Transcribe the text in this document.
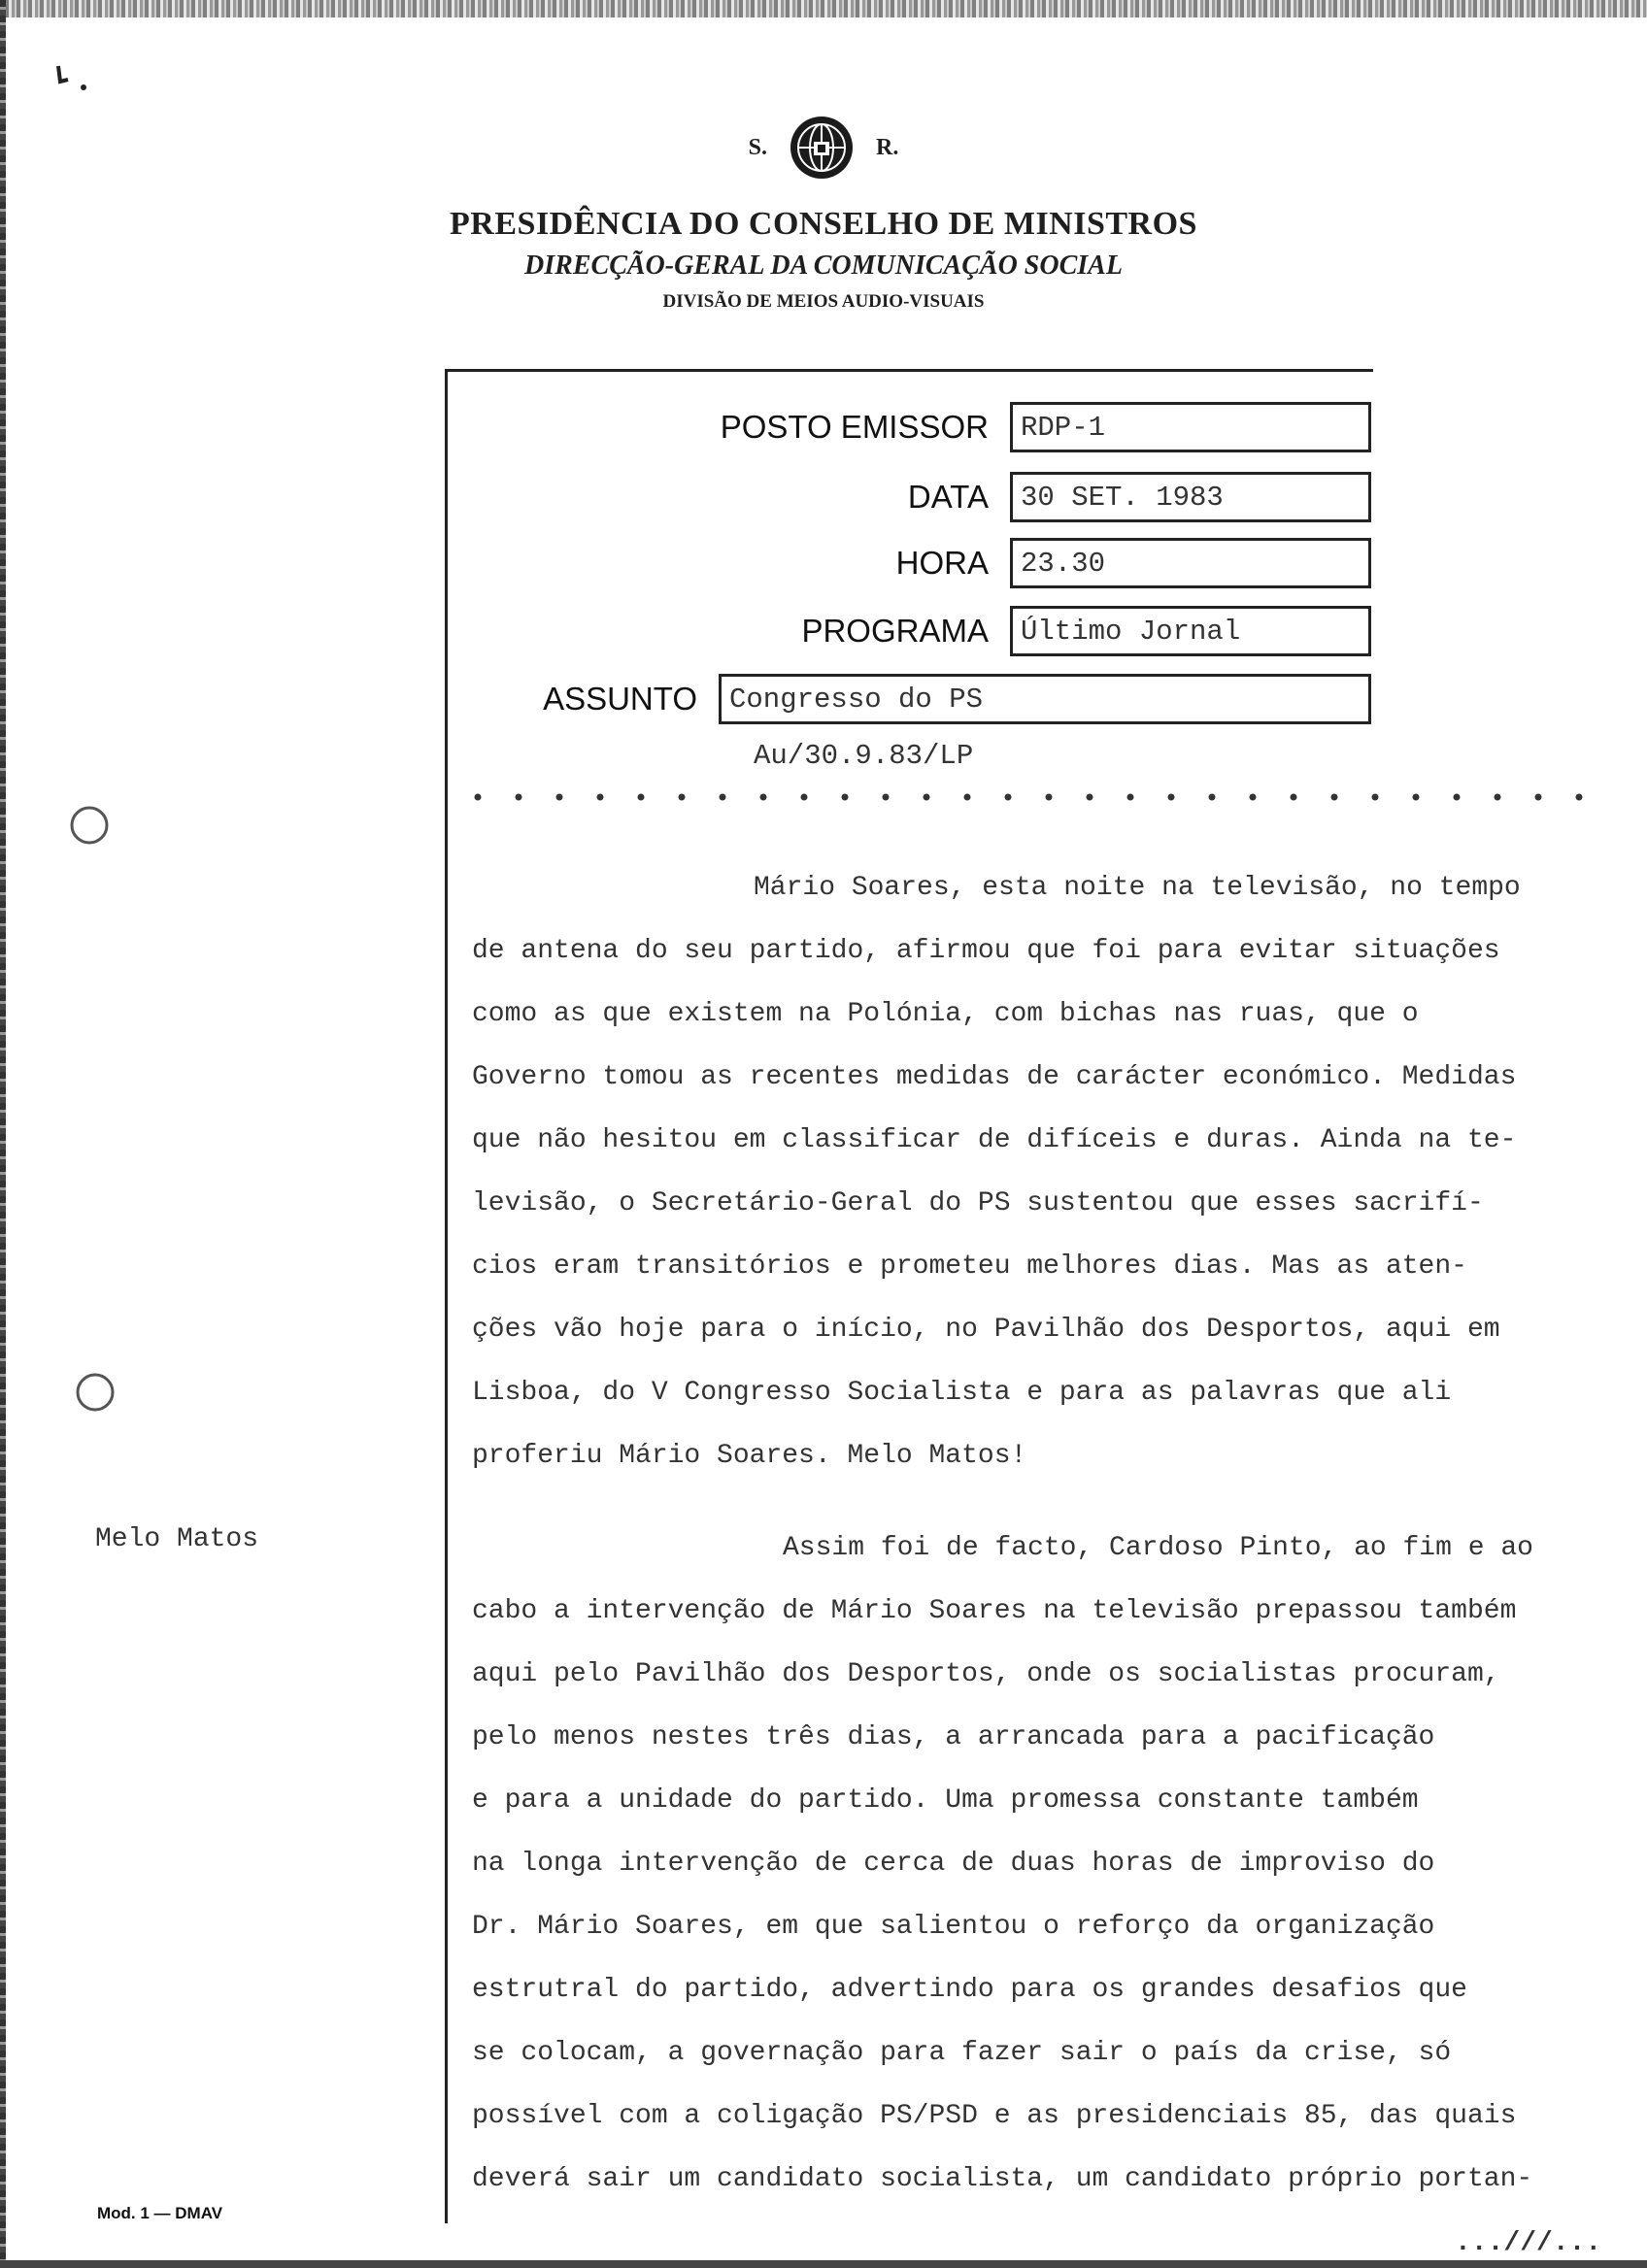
S.	R.
PRESIDÊNCIA DO CONSELHO DE MINISTROS
DIRECÇÃO-GERAL DA COMUNICAÇÃO SOCIAL
DIVISÃO DE MEIOS AUDIO-VISUAIS
POSTO EMISSOR	RDP-1
DATA	30 SET. 1983
HORA	23.30
PROGRAMA	Último Jornal
ASSUNTO	Congresso do PS
Au/30.9.83/LP

Mário Soares, esta noite na televisão, no tempo

de antena do seu partido, afirmou que foi para evitar situações

como as que existem na Polónia, com bichas nas ruas, que o

Governo tomou as recentes medidas de carácter económico. Medidas

que não hesitou em classificar de difíceis e duras. Ainda na te-

levisão, o Secretário-Geral do PS sustentou que esses sacrifí-

cios eram transitórios e prometeu melhores dias. Mas as aten-

ções vão hoje para o início, no Pavilhão dos Desportos, aqui em

Lisboa, do V Congresso Socialista e para as palavras que ali

proferiu Mário Soares. Melo Matos!

Melo Matos	Assim foi de facto, Cardoso Pinto, ao fim e ao

cabo a intervenção de Mário Soares na televisão prepassou também

aqui pelo Pavilhão dos Desportos, onde os socialistas procuram,

pelo menos nestes três dias, a arrancada para a pacificação

e para a unidade do partido. Uma promessa constante também

na longa intervenção de cerca de duas horas de improviso do

Dr. Mário Soares, em que salientou o reforço da organização

estrutral do partido, advertindo para os grandes desafios que

se colocam, a governação para fazer sair o país da crise, só

possível com a coligação PS/PSD e as presidenciais 85, das quais

deverá sair um candidato socialista, um candidato próprio portan-

Mod. 1 — DMAV
...///...
